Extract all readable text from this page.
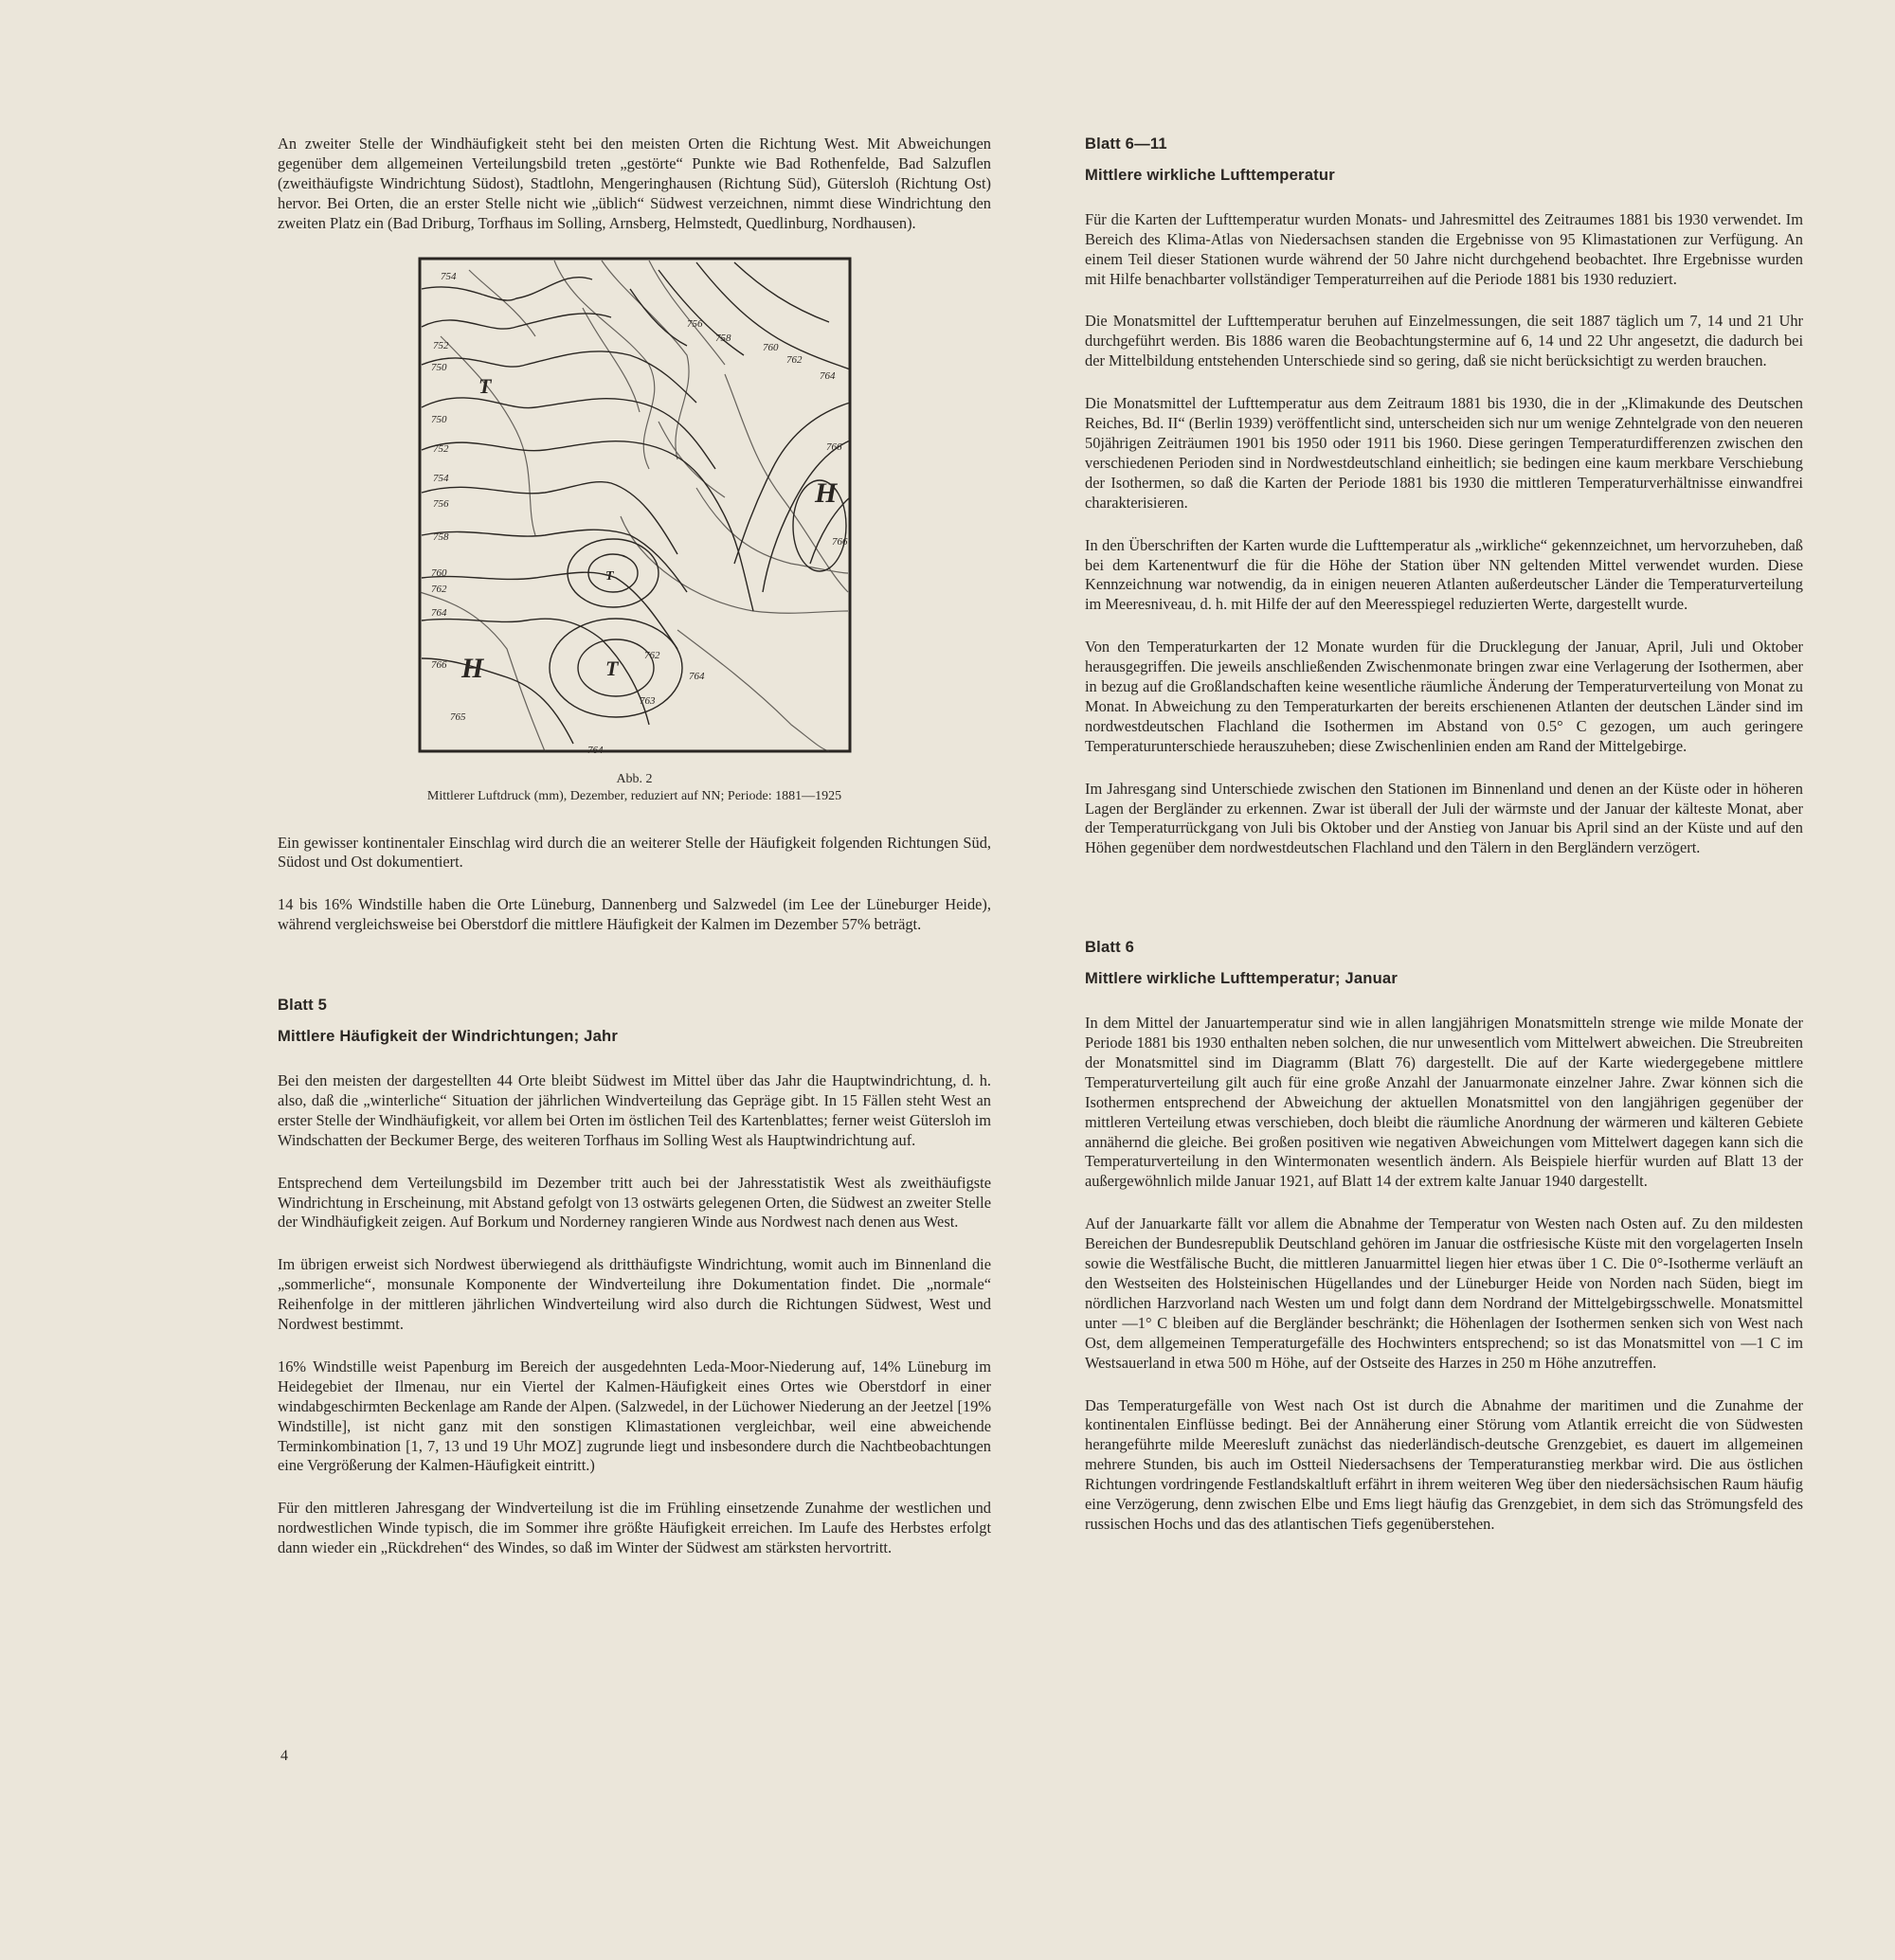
An zweiter Stelle der Windhäufigkeit steht bei den meisten Orten die Richtung West. Mit Abweichungen gegenüber dem allgemeinen Verteilungsbild treten „gestörte“ Punkte wie Bad Rothenfelde, Bad Salzuflen (zweithäufigste Windrichtung Südost), Stadtlohn, Mengeringhausen (Richtung Süd), Gütersloh (Richtung Ost) hervor. Bei Orten, die an erster Stelle nicht wie „üblich“ Südwest verzeichnen, nimmt diese Windrichtung den zweiten Platz ein (Bad Driburg, Torfhaus im Solling, Arnsberg, Helmstedt, Quedlinburg, Nordhausen).

754
752
750
750
752
754
756
758
760
762
764
766
765
756
758
760
762
764
766
766
764
762
763
764
H
H
T
T
T
Abb. 2
Mittlerer Luftdruck (mm), Dezember, reduziert auf NN; Periode: 1881—1925

Ein gewisser kontinentaler Einschlag wird durch die an weiterer Stelle der Häufigkeit folgenden Richtungen Süd, Südost und Ost dokumentiert.

14 bis 16% Windstille haben die Orte Lüneburg, Dannenberg und Salzwedel (im Lee der Lüneburger Heide), während vergleichsweise bei Oberstdorf die mittlere Häufigkeit der Kalmen im Dezember 57% beträgt.

Blatt 5
Mittlere Häufigkeit der Windrichtungen; Jahr

Bei den meisten der dargestellten 44 Orte bleibt Südwest im Mittel über das Jahr die Hauptwindrichtung, d. h. also, daß die „winterliche“ Situation der jährlichen Windverteilung das Gepräge gibt. In 15 Fällen steht West an erster Stelle der Windhäufigkeit, vor allem bei Orten im östlichen Teil des Kartenblattes; ferner weist Gütersloh im Windschatten der Beckumer Berge, des weiteren Torfhaus im Solling West als Hauptwindrichtung auf.

Entsprechend dem Verteilungsbild im Dezember tritt auch bei der Jahresstatistik West als zweithäufigste Windrichtung in Erscheinung, mit Abstand gefolgt von 13 ostwärts gelegenen Orten, die Südwest an zweiter Stelle der Windhäufigkeit zeigen. Auf Borkum und Norderney rangieren Winde aus Nordwest nach denen aus West.

Im übrigen erweist sich Nordwest überwiegend als dritthäufigste Windrichtung, womit auch im Binnenland die „sommerliche“, monsunale Komponente der Windverteilung ihre Dokumentation findet. Die „normale“ Reihenfolge in der mittleren jährlichen Windverteilung wird also durch die Richtungen Südwest, West und Nordwest bestimmt.

16% Windstille weist Papenburg im Bereich der ausgedehnten Leda-Moor-Niederung auf, 14% Lüneburg im Heidegebiet der Ilmenau, nur ein Viertel der Kalmen-Häufigkeit eines Ortes wie Oberstdorf in einer windabgeschirmten Beckenlage am Rande der Alpen. (Salzwedel, in der Lüchower Niederung an der Jeetzel [19% Windstille], ist nicht ganz mit den sonstigen Klimastationen vergleichbar, weil eine abweichende Terminkombination [1, 7, 13 und 19 Uhr MOZ] zugrunde liegt und insbesondere durch die Nachtbeobachtungen eine Vergrößerung der Kalmen-Häufigkeit eintritt.)

Für den mittleren Jahresgang der Windverteilung ist die im Frühling einsetzende Zunahme der westlichen und nordwestlichen Winde typisch, die im Sommer ihre größte Häufigkeit erreichen. Im Laufe des Herbstes erfolgt dann wieder ein „Rückdrehen“ des Windes, so daß im Winter der Südwest am stärksten hervortritt.

4
Blatt 6—11
Mittlere wirkliche Lufttemperatur

Für die Karten der Lufttemperatur wurden Monats- und Jahresmittel des Zeitraumes 1881 bis 1930 verwendet. Im Bereich des Klima-Atlas von Niedersachsen standen die Ergebnisse von 95 Klimastationen zur Verfügung. An einem Teil dieser Stationen wurde während der 50 Jahre nicht durchgehend beobachtet. Ihre Ergebnisse wurden mit Hilfe benachbarter vollständiger Temperaturreihen auf die Periode 1881 bis 1930 reduziert.

Die Monatsmittel der Lufttemperatur beruhen auf Einzelmessungen, die seit 1887 täglich um 7, 14 und 21 Uhr durchgeführt werden. Bis 1886 waren die Beobachtungstermine auf 6, 14 und 22 Uhr angesetzt, die dadurch bei der Mittelbildung entstehenden Unterschiede sind so gering, daß sie nicht berücksichtigt zu werden brauchen.

Die Monatsmittel der Lufttemperatur aus dem Zeitraum 1881 bis 1930, die in der „Klimakunde des Deutschen Reiches, Bd. II“ (Berlin 1939) veröffentlicht sind, unterscheiden sich nur um wenige Zehntelgrade von den neueren 50jährigen Zeiträumen 1901 bis 1950 oder 1911 bis 1960. Diese geringen Temperaturdifferenzen zwischen den verschiedenen Perioden sind in Nordwestdeutschland einheitlich; sie bedingen eine kaum merkbare Verschiebung der Isothermen, so daß die Karten der Periode 1881 bis 1930 die mittleren Temperaturverhältnisse einwandfrei charakterisieren.

In den Überschriften der Karten wurde die Lufttemperatur als „wirkliche“ gekennzeichnet, um hervorzuheben, daß bei dem Kartenentwurf die für die Höhe der Station über NN geltenden Mittel verwendet wurden. Diese Kennzeichnung war notwendig, da in einigen neueren Atlanten außerdeutscher Länder die Temperaturverteilung im Meeresniveau, d. h. mit Hilfe der auf den Meeresspiegel reduzierten Werte, dargestellt wurde.

Von den Temperaturkarten der 12 Monate wurden für die Drucklegung der Januar, April, Juli und Oktober herausgegriffen. Die jeweils anschließenden Zwischenmonate bringen zwar eine Verlagerung der Isothermen, aber in bezug auf die Großlandschaften keine wesentliche räumliche Änderung der Temperaturverteilung von Monat zu Monat. In Abweichung zu den Temperaturkarten der bereits erschienenen Atlanten der deutschen Länder sind im nordwestdeutschen Flachland die Isothermen im Abstand von 0.5° C gezogen, um auch geringere Temperaturunterschiede herauszuheben; diese Zwischenlinien enden am Rand der Mittelgebirge.

Im Jahresgang sind Unterschiede zwischen den Stationen im Binnenland und denen an der Küste oder in höheren Lagen der Bergländer zu erkennen. Zwar ist überall der Juli der wärmste und der Januar der kälteste Monat, aber der Temperaturrückgang von Juli bis Oktober und der Anstieg von Januar bis April sind an der Küste und auf den Höhen gegenüber dem nordwestdeutschen Flachland und den Tälern in den Bergländern verzögert.

Blatt 6
Mittlere wirkliche Lufttemperatur; Januar

In dem Mittel der Januartemperatur sind wie in allen langjährigen Monatsmitteln strenge wie milde Monate der Periode 1881 bis 1930 enthalten neben solchen, die nur unwesentlich vom Mittelwert abweichen. Die Streubreiten der Monatsmittel sind im Diagramm (Blatt 76) dargestellt. Die auf der Karte wiedergegebene mittlere Temperaturverteilung gilt auch für eine große Anzahl der Januarmonate einzelner Jahre. Zwar können sich die Isothermen entsprechend der Abweichung der aktuellen Monatsmittel von den langjährigen gegenüber der mittleren Verteilung etwas verschieben, doch bleibt die räumliche Anordnung der wärmeren und kälteren Gebiete annähernd die gleiche. Bei großen positiven wie negativen Abweichungen vom Mittelwert dagegen kann sich die Temperaturverteilung in den Wintermonaten wesentlich ändern. Als Beispiele hierfür wurden auf Blatt 13 der außergewöhnlich milde Januar 1921, auf Blatt 14 der extrem kalte Januar 1940 dargestellt.

Auf der Januarkarte fällt vor allem die Abnahme der Temperatur von Westen nach Osten auf. Zu den mildesten Bereichen der Bundesrepublik Deutschland gehören im Januar die ostfriesische Küste mit den vorgelagerten Inseln sowie die Westfälische Bucht, die mittleren Januarmittel liegen hier etwas über 1 C. Die 0°-Isotherme verläuft an den Westseiten des Holsteinischen Hügellandes und der Lüneburger Heide von Norden nach Süden, biegt im nördlichen Harzvorland nach Westen um und folgt dann dem Nordrand der Mittelgebirgsschwelle. Monatsmittel unter —1° C bleiben auf die Bergländer beschränkt; die Höhenlagen der Isothermen senken sich von West nach Ost, dem allgemeinen Temperaturgefälle des Hochwinters entsprechend; so ist das Monatsmittel von —1 C im Westsauerland in etwa 500 m Höhe, auf der Ostseite des Harzes in 250 m Höhe anzutreffen.

Das Temperaturgefälle von West nach Ost ist durch die Abnahme der maritimen und die Zunahme der kontinentalen Einflüsse bedingt. Bei der Annäherung einer Störung vom Atlantik erreicht die von Südwesten herangeführte milde Meeresluft zunächst das niederländisch-deutsche Grenzgebiet, es dauert im allgemeinen mehrere Stunden, bis auch im Ostteil Niedersachsens der Temperaturanstieg merkbar wird. Die aus östlichen Richtungen vordringende Festlandskaltluft erfährt in ihrem weiteren Weg über den niedersächsischen Raum häufig eine Verzögerung, denn zwischen Elbe und Ems liegt häufig das Grenzgebiet, in dem sich das Strömungsfeld des russischen Hochs und das des atlantischen Tiefs gegenüberstehen.
